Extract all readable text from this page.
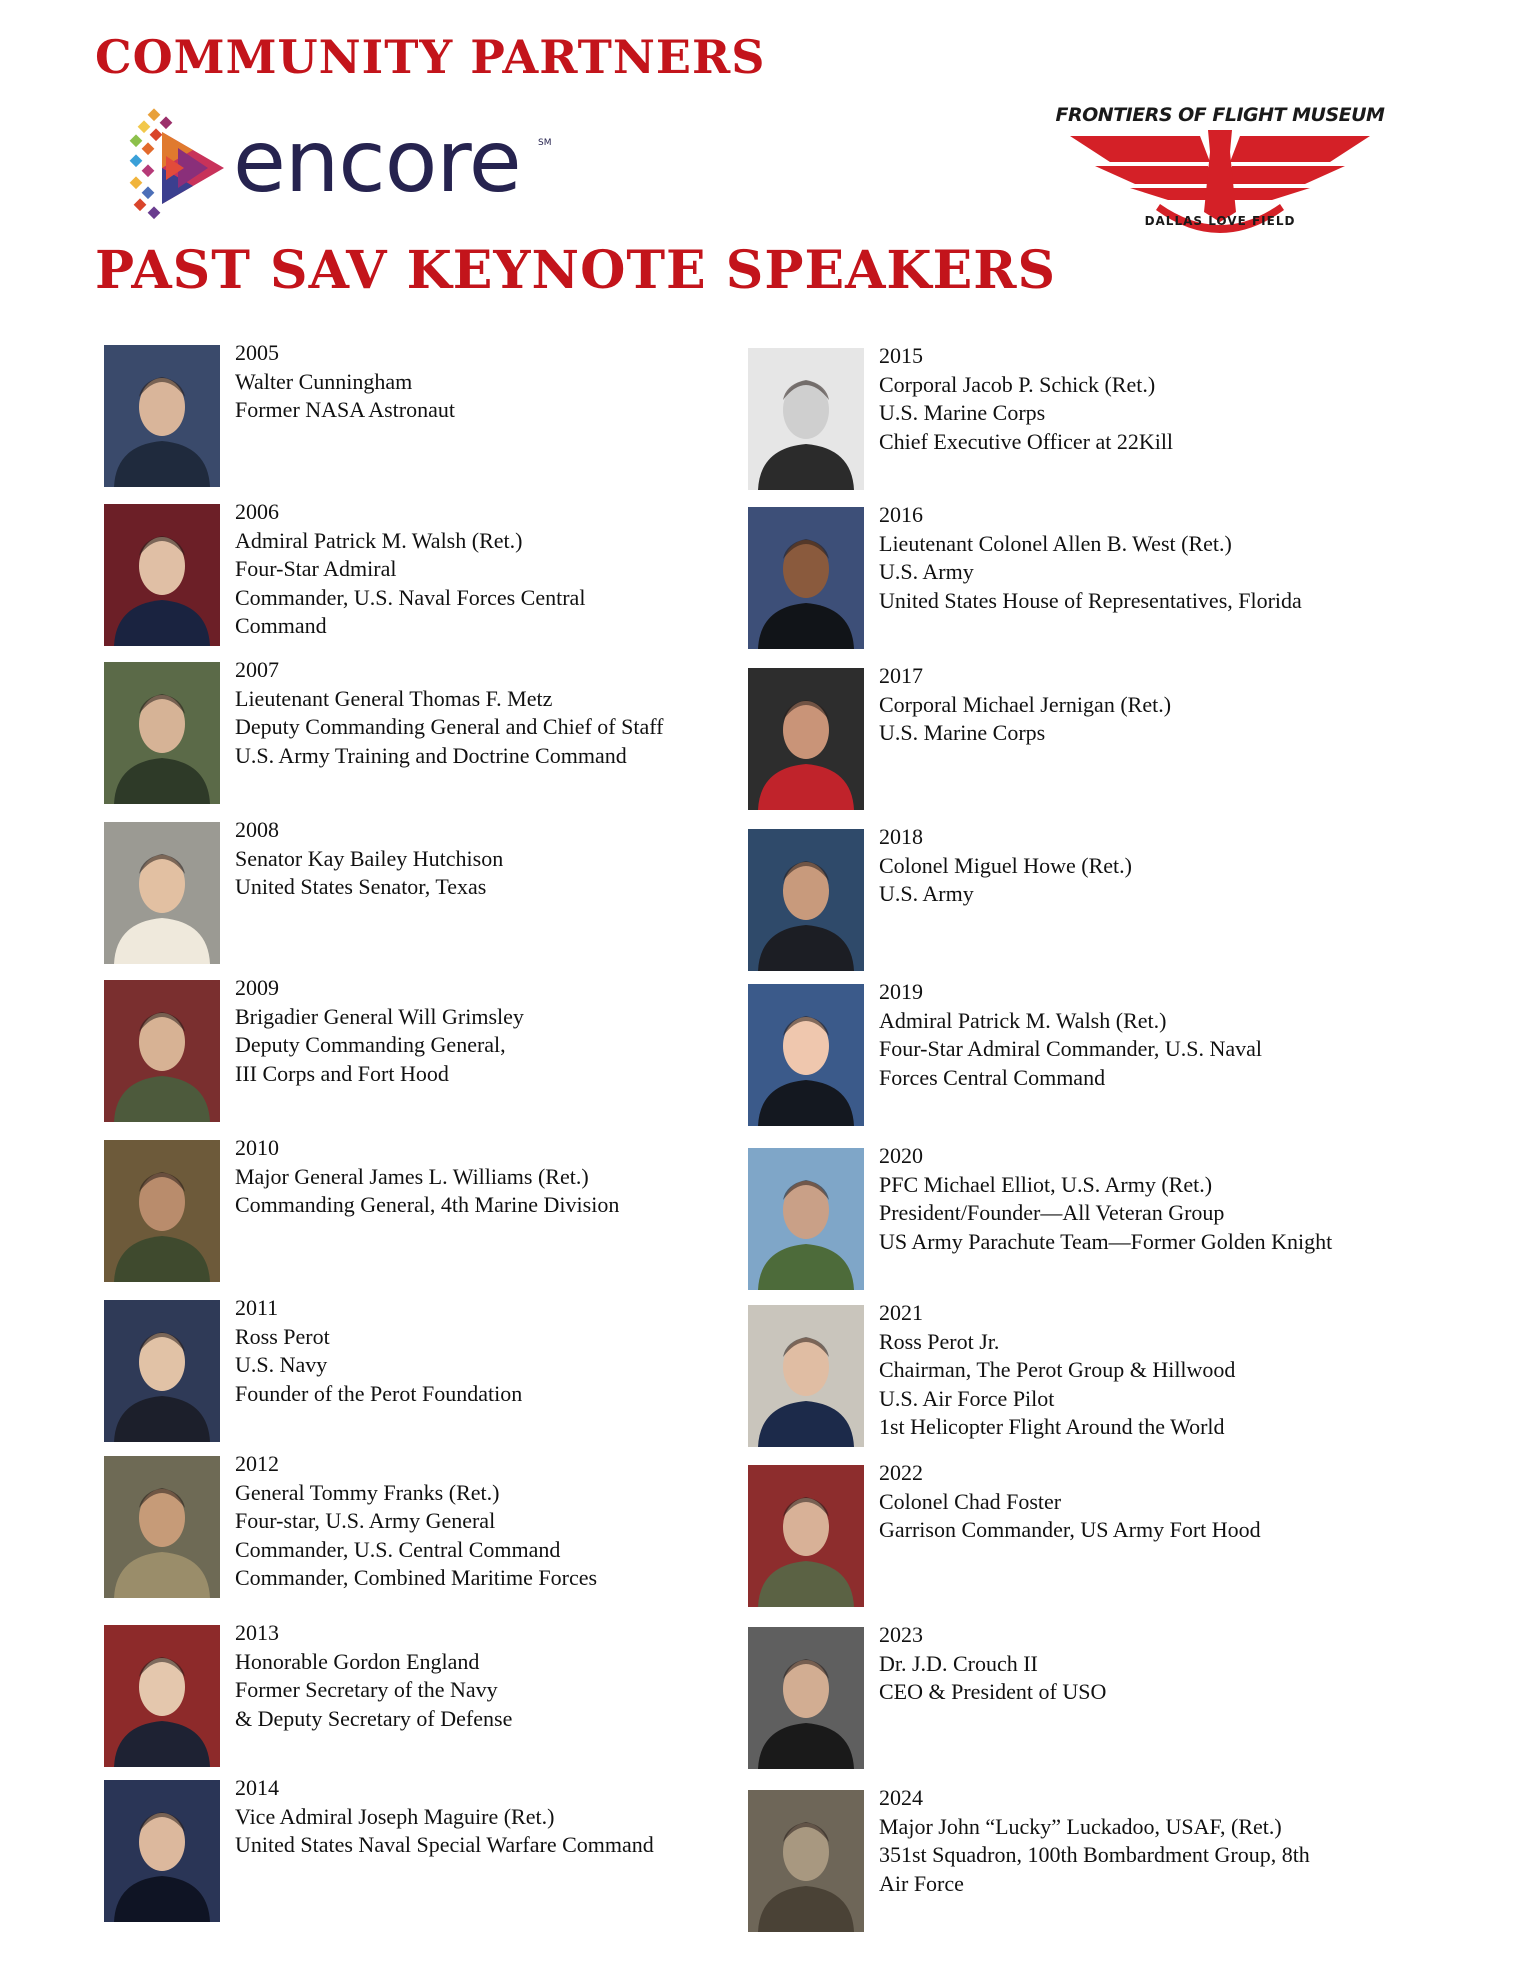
COMMUNITY PARTNERS
encore SM
FRONTIERS OF FLIGHT MUSEUM
DALLAS LOVE FIELD
PAST SAV KEYNOTE SPEAKERS
2005
Walter Cunningham
Former NASA Astronaut
2006
Admiral Patrick M. Walsh (Ret.)
Four-Star Admiral
Commander, U.S. Naval Forces Central
Command
2007
Lieutenant General Thomas F. Metz
Deputy Commanding General and Chief of Staff
U.S. Army Training and Doctrine Command
2008
Senator Kay Bailey Hutchison
United States Senator, Texas
2009
Brigadier General Will Grimsley
Deputy Commanding General,
III Corps and Fort Hood
2010
Major General James L. Williams (Ret.)
Commanding General, 4th Marine Division
2011
Ross Perot
U.S. Navy
Founder of the Perot Foundation
2012
General Tommy Franks (Ret.)
Four-star, U.S. Army General
Commander, U.S. Central Command
Commander, Combined Maritime Forces
2013
Honorable Gordon England
Former Secretary of the Navy
& Deputy Secretary of Defense
2014
Vice Admiral Joseph Maguire (Ret.)
United States Naval Special Warfare Command
2015
Corporal Jacob P. Schick (Ret.)
U.S. Marine Corps
Chief Executive Officer at 22Kill
2016
Lieutenant Colonel Allen B. West (Ret.)
U.S. Army
United States House of Representatives, Florida
2017
Corporal Michael Jernigan (Ret.)
U.S. Marine Corps
2018
Colonel Miguel Howe (Ret.)
U.S. Army
2019
Admiral Patrick M. Walsh (Ret.)
Four-Star Admiral Commander, U.S. Naval
Forces Central Command
2020
PFC Michael Elliot, U.S. Army (Ret.)
President/Founder—All Veteran Group
US Army Parachute Team—Former Golden Knight
2021
Ross Perot Jr.
Chairman, The Perot Group & Hillwood
U.S. Air Force Pilot
1st Helicopter Flight Around the World
2022
Colonel Chad Foster
Garrison Commander, US Army Fort Hood
2023
Dr. J.D. Crouch II
CEO & President of USO
2024
Major John “Lucky” Luckadoo, USAF, (Ret.)
351st Squadron, 100th Bombardment Group, 8th
Air Force
